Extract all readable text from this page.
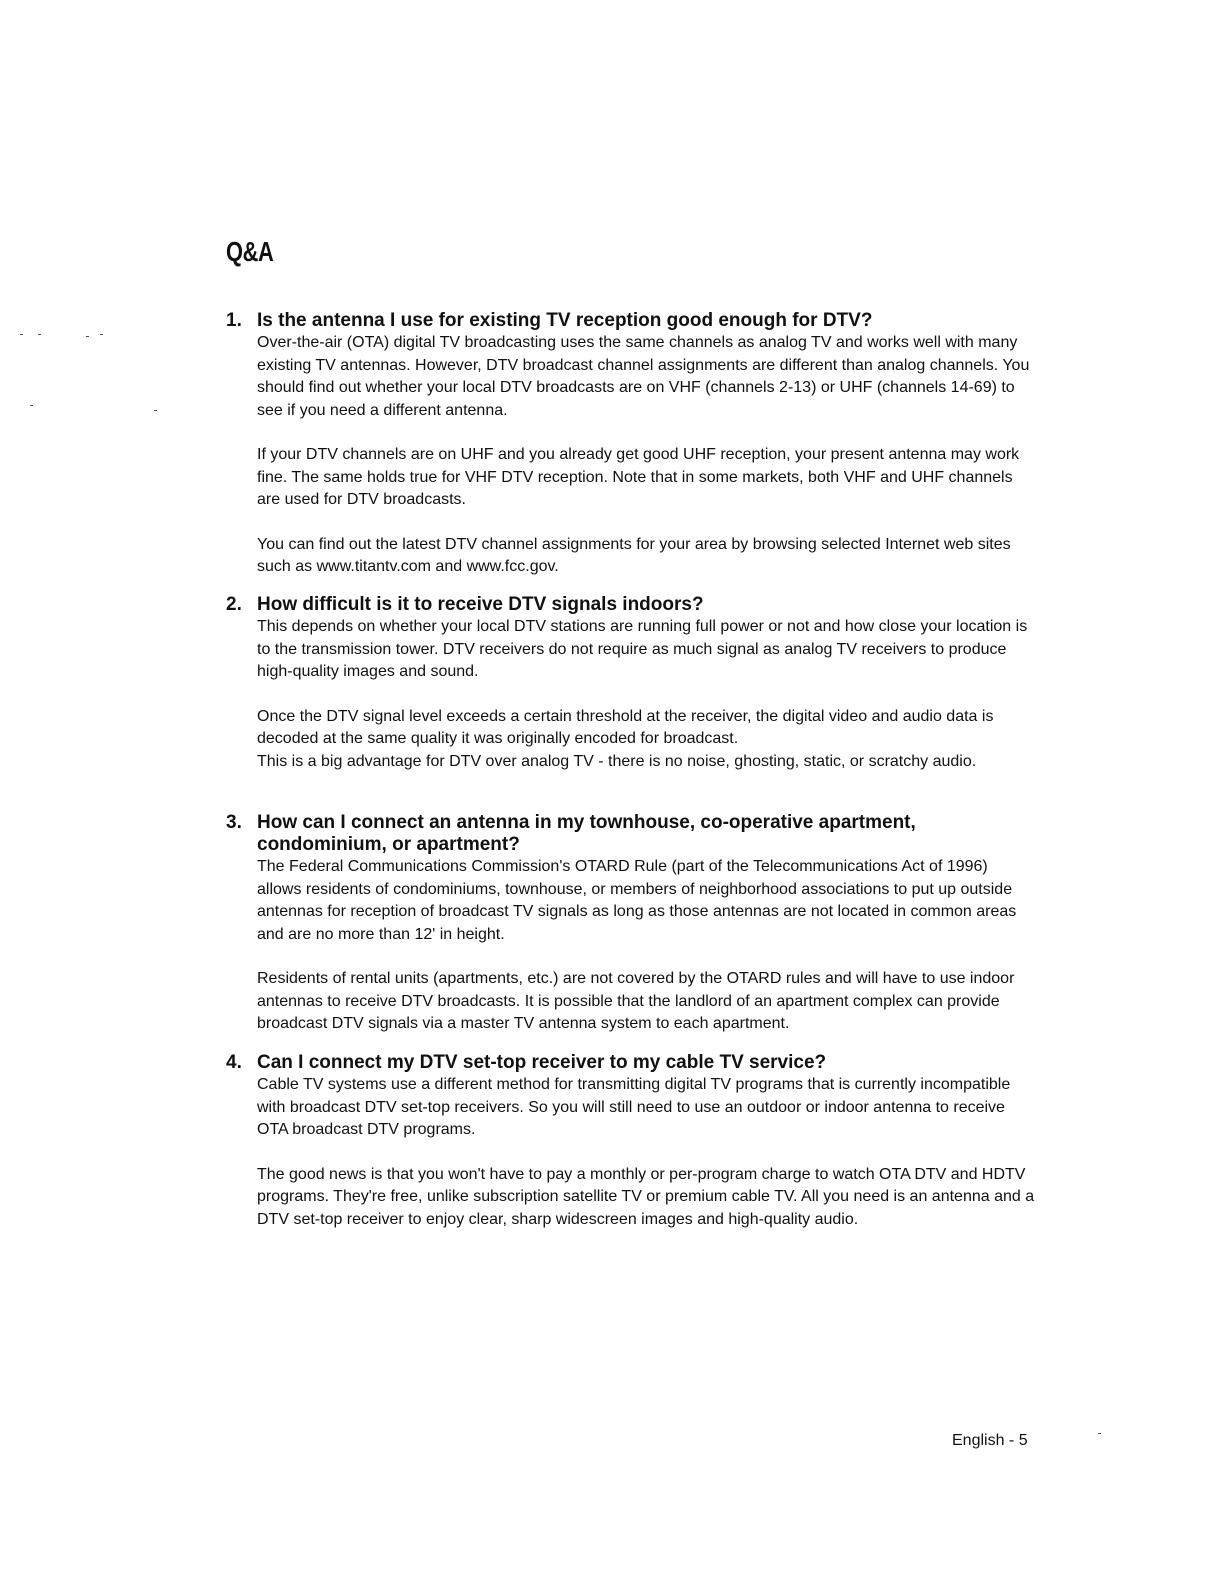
Q&A
1. Is the antenna I use for existing TV reception good enough for DTV?

Over-the-air (OTA) digital TV broadcasting uses the same channels as analog TV and works well with many existing TV antennas. However, DTV broadcast channel assignments are different than analog channels. You should find out whether your local DTV broadcasts are on VHF (channels 2-13) or UHF (channels 14-69) to see if you need a different antenna.

If your DTV channels are on UHF and you already get good UHF reception, your present antenna may work fine. The same holds true for VHF DTV reception. Note that in some markets, both VHF and UHF channels are used for DTV broadcasts.

You can find out the latest DTV channel assignments for your area by browsing selected Internet web sites such as www.titantv.com and www.fcc.gov.

2. How difficult is it to receive DTV signals indoors?

This depends on whether your local DTV stations are running full power or not and how close your location is to the transmission tower. DTV receivers do not require as much signal as analog TV receivers to produce high-quality images and sound.

Once the DTV signal level exceeds a certain threshold at the receiver, the digital video and audio data is decoded at the same quality it was originally encoded for broadcast.

This is a big advantage for DTV over analog TV - there is no noise, ghosting, static, or scratchy audio.

3. How can I connect an antenna in my townhouse, co-operative apartment, condominium, or apartment?

The Federal Communications Commission's OTARD Rule (part of the Telecommunications Act of 1996) allows residents of condominiums, townhouse, or members of neighborhood associations to put up outside antennas for reception of broadcast TV signals as long as those antennas are not located in common areas and are no more than 12' in height.

Residents of rental units (apartments, etc.) are not covered by the OTARD rules and will have to use indoor antennas to receive DTV broadcasts. It is possible that the landlord of an apartment complex can provide broadcast DTV signals via a master TV antenna system to each apartment.

4. Can I connect my DTV set-top receiver to my cable TV service?

Cable TV systems use a different method for transmitting digital TV programs that is currently incompatible with broadcast DTV set-top receivers. So you will still need to use an outdoor or indoor antenna to receive OTA broadcast DTV programs.

The good news is that you won't have to pay a monthly or per-program charge to watch OTA DTV and HDTV programs. They're free, unlike subscription satellite TV or premium cable TV. All you need is an antenna and a DTV set-top receiver to enjoy clear, sharp widescreen images and high-quality audio.

English - 5
